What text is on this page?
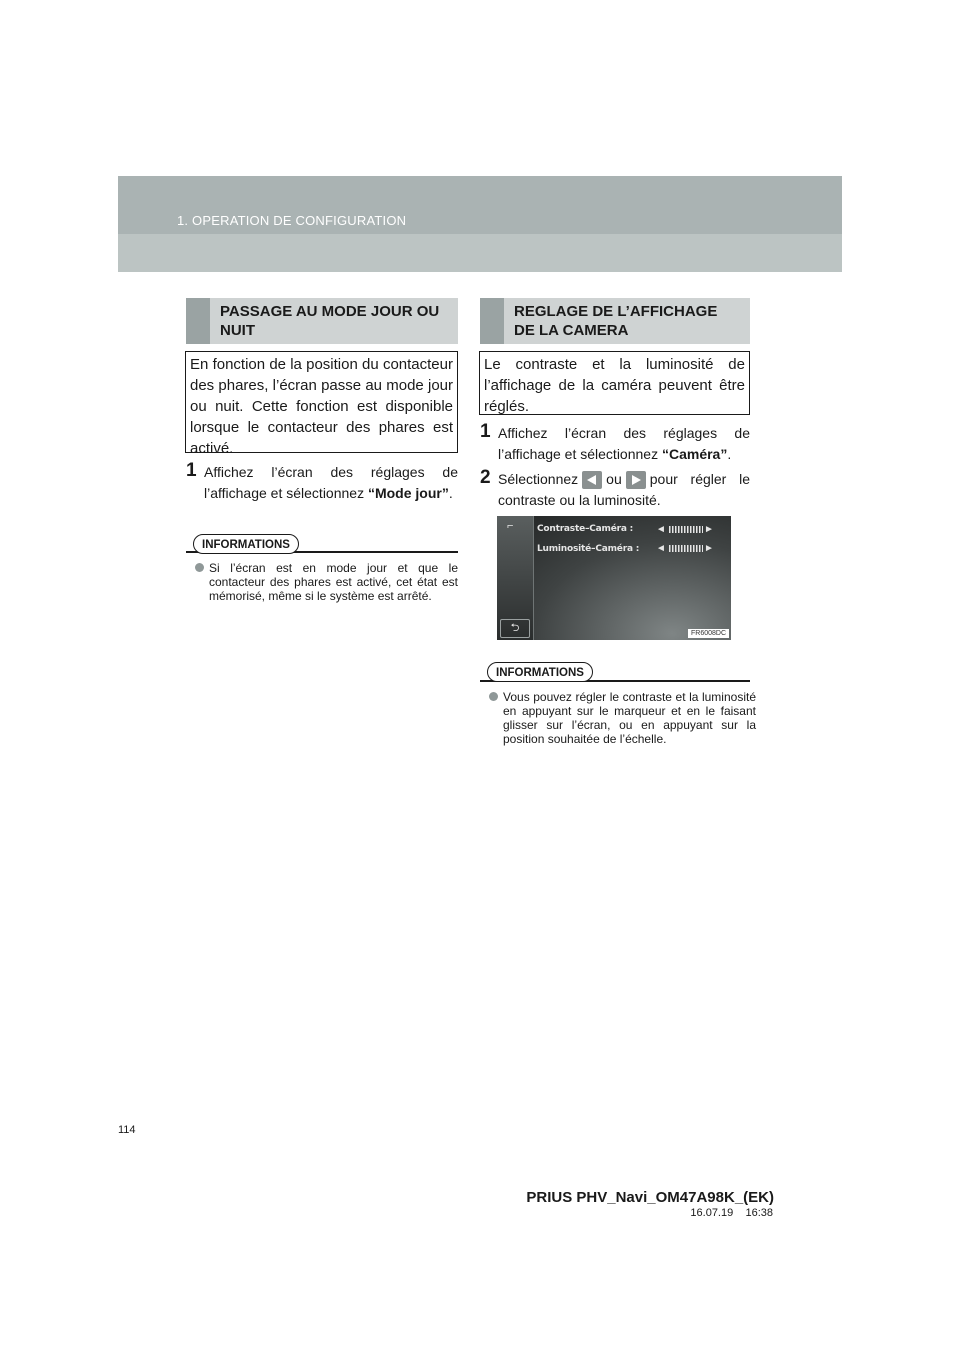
1. OPERATION DE CONFIGURATION
PASSAGE AU MODE JOUR OU NUIT
En fonction de la position du contacteur des phares, l’écran passe au mode jour ou nuit. Cette fonction est disponible lorsque le contacteur des phares est activé.
1 Affichez l’écran des réglages de l’affichage et sélectionnez “Mode jour”.
INFORMATIONS
Si l’écran est en mode jour et que le contacteur des phares est activé, cet état est mémorisé, même si le système est arrêté.
REGLAGE DE L’AFFICHAGE DE LA CAMERA
Le contraste et la luminosité de l’affichage de la caméra peuvent être réglés.
1 Affichez l’écran des réglages de l’affichage et sélectionnez “Caméra”.
2 Sélectionnez ou pour régler le contraste ou la luminosité.
⌐	Contraste–Caméra : ◄	►
Luminosité–Caméra : ◄	►
⮌	FR6008DC
INFORMATIONS
Vous pouvez régler le contraste et la luminosité en appuyant sur le marqueur et en le faisant glisser sur l’écran, ou en appuyant sur la position souhaitée de l’échelle.
114
PRIUS PHV_Navi_OM47A98K_(EK)
16.07.19 16:38
